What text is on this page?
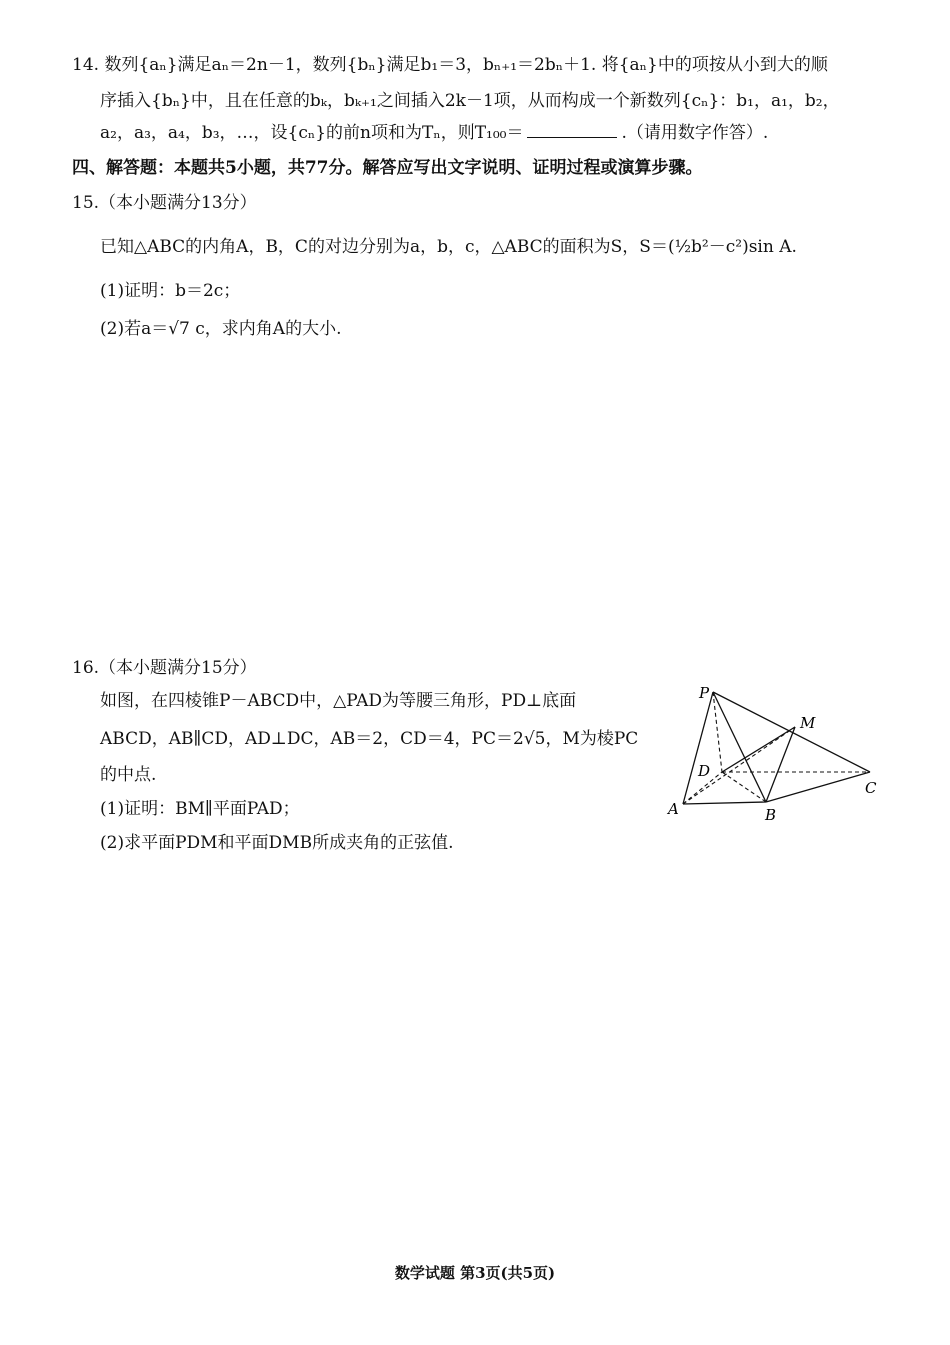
14. 数列{aₙ}满足aₙ＝2n－1，数列{bₙ}满足b₁＝3，bₙ₊₁＝2bₙ＋1. 将{aₙ}中的项按从小到大的顺
序插入{bₙ}中，且在任意的bₖ，bₖ₊₁之间插入2k－1项，从而构成一个新数列{cₙ}：b₁，a₁，b₂，
a₂，a₃，a₄，b₃，…，设{cₙ}的前n项和为Tₙ，则T₁₀₀＝	.（请用数字作答）.
四、解答题：本题共5小题，共77分。解答应写出文字说明、证明过程或演算步骤。
15.（本小题满分13分）
已知△ABC的内角A，B，C的对边分别为a，b，c，△ABC的面积为S，S＝(½b²－c²)sin A.
(1)证明：b＝2c；
(2)若a＝√7 c，求内角A的大小.
16.（本小题满分15分）
如图，在四棱锥P－ABCD中，△PAD为等腰三角形，PD⊥底面
ABCD，AB∥CD，AD⊥DC，AB＝2，CD＝4，PC＝2√5，M为棱PC
的中点.
(1)证明：BM∥平面PAD；
(2)求平面PDM和平面DMB所成夹角的正弦值.
P
M
D
C
A	B
数学试题 第3页(共5页)
